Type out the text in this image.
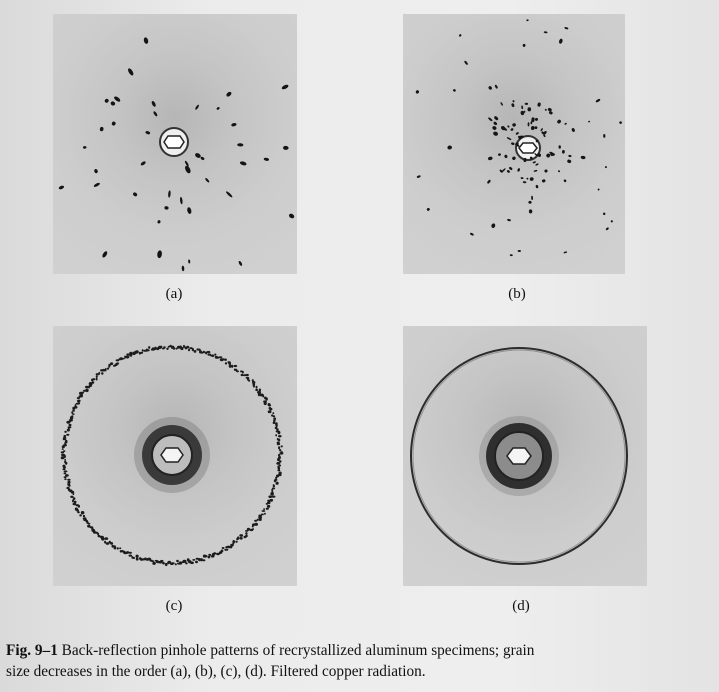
(a)	(b)
(c)	(d)
Fig. 9–1 Back-reflection pinhole patterns of recrystallized aluminum specimens; grain
size decreases in the order (a), (b), (c), (d). Filtered copper radiation.
